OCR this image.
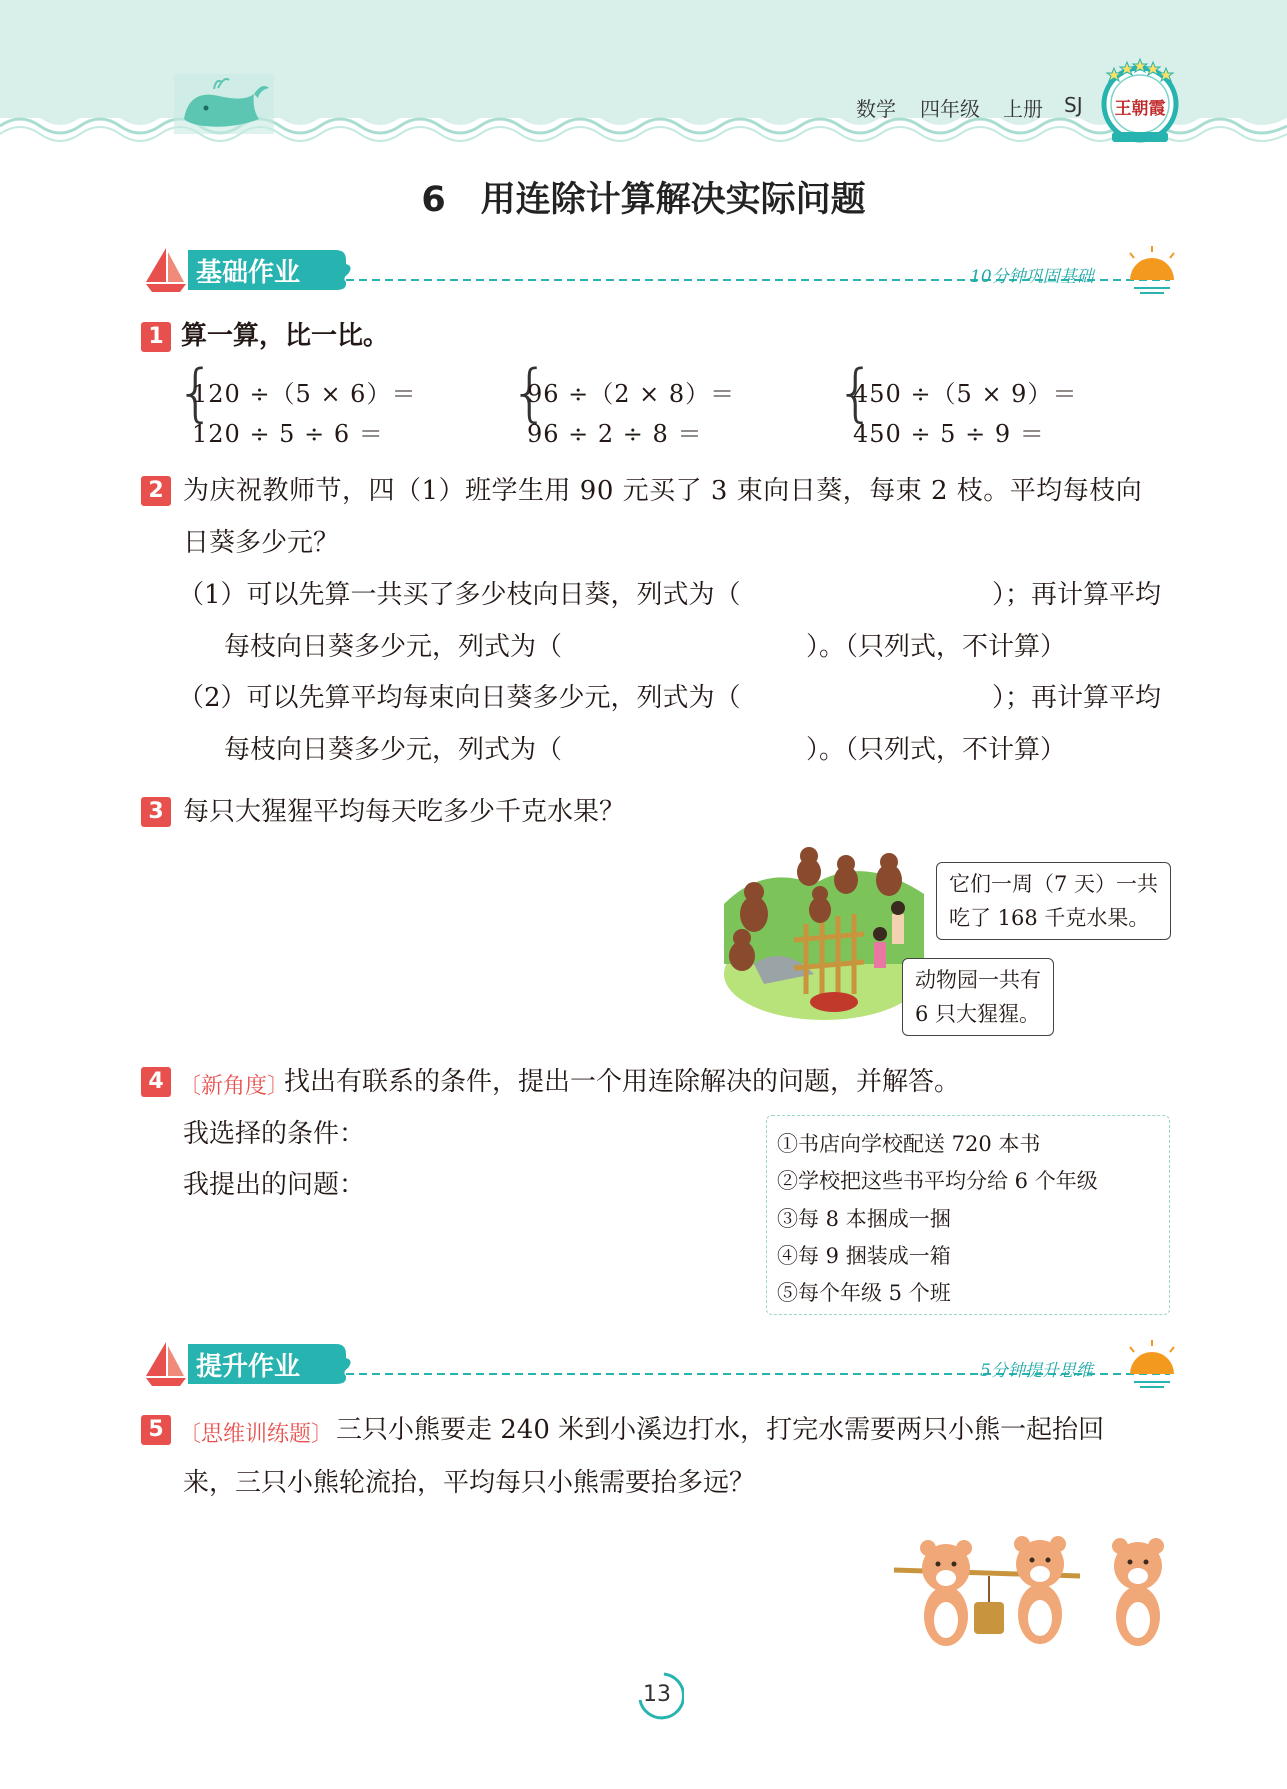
数学 四年级 上册 SJ 王朝霞
6　用连除计算解决实际问题
基础作业	10分钟巩固基础
1 算一算，比一比。
{
120 ÷（5 × 6）＝
120 ÷ 5 ÷ 6 ＝
{
96 ÷（2 × 8）＝
96 ÷ 2 ÷ 8 ＝
{
450 ÷（5 × 9）＝
450 ÷ 5 ÷ 9 ＝
2 为庆祝教师节，四（1）班学生用 90 元买了 3 束向日葵，每束 2 枝。平均每枝向
日葵多少元？
（1）可以先算一共买了多少枝向日葵，列式为（	）；再计算平均
每枝向日葵多少元，列式为（	）。（只列式，不计算）
（2）可以先算平均每束向日葵多少元，列式为（	）；再计算平均
每枝向日葵多少元，列式为（	）。（只列式，不计算）
3 每只大猩猩平均每天吃多少千克水果？
它们一周（7 天）一共
吃了 168 千克水果。
动物园一共有
6 只大猩猩。
4 〔新角度〕
找出有联系的条件，提出一个用连除解决的问题，并解答。
我选择的条件：
我提出的问题：
①书店向学校配送 720 本书
②学校把这些书平均分给 6 个年级
③每 8 本捆成一捆
④每 9 捆装成一箱
⑤每个年级 5 个班
提升作业	5分钟提升思维
5 〔思维训练题〕 三只小熊要走 240 米到小溪边打水，打完水需要两只小熊一起抬回
来，三只小熊轮流抬，平均每只小熊需要抬多远？
13
